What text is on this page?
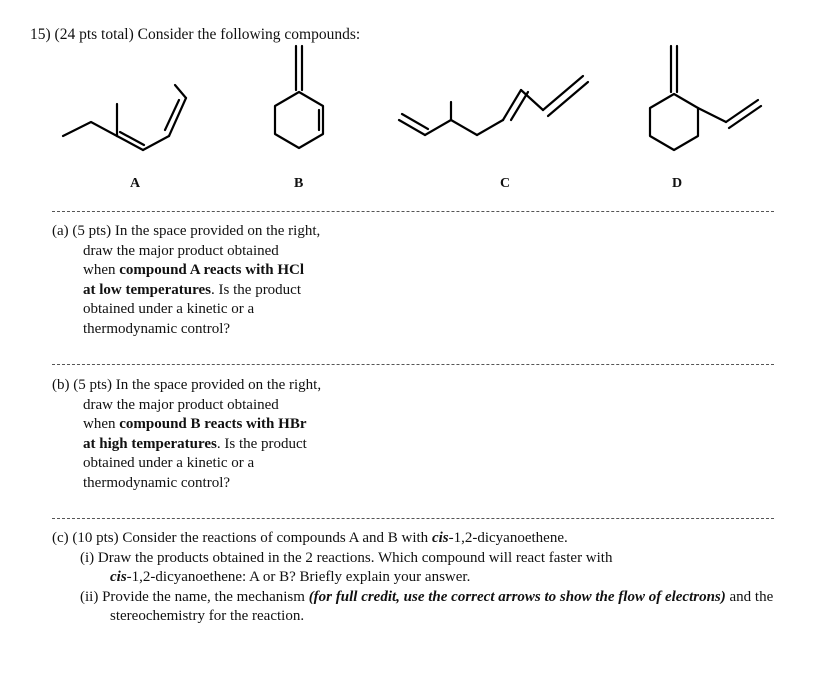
15) (24 pts total) Consider the following compounds:
A	B	C	D
(a) (5 pts) In the space provided on the right,
draw the major product obtained
when compound A reacts with HCl
at low temperatures. Is the product
obtained under a kinetic or a
thermodynamic control?
(b) (5 pts) In the space provided on the right,
draw the major product obtained
when compound B reacts with HBr
at high temperatures. Is the product
obtained under a kinetic or a
thermodynamic control?
(c) (10 pts) Consider the reactions of compounds A and B with cis-1,2-dicyanoethene.
(i) Draw the products obtained in the 2 reactions. Which compound will react faster with
cis-1,2-dicyanoethene: A or B? Briefly explain your answer.
(ii) Provide the name, the mechanism (for full credit, use the correct arrows to show the flow of electrons) and the
stereochemistry for the reaction.
